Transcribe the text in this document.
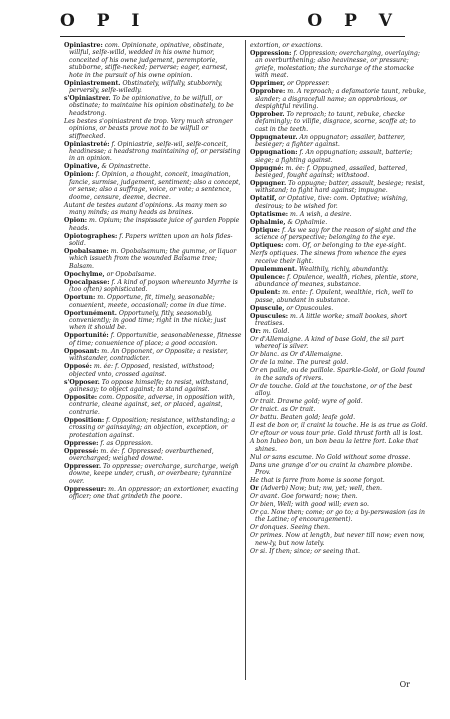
O P I	O P V
Opiniastre: com. Opinionate, opinative, obstinate, willful, selfe-willd, wedded in his owne humor, conceited of his owne judgement, peremptorie, stubborne, stiffe-necked; perverse; eager, earnest, hote in the pursuit of his owne opinion.
Opiniastrement. Obstinately, wilfully, stubbornly, perversly, selfe-wiledly.
s'Opiniastrer. To be opinionative, to be wilfull, or obstinate; to maintaine his opinion obstinately, to be headstrong.
Les bestes s'opiniastrent de trop. Very much stronger opinions, or beasts prove not to be wilfull or stiffnecked.
Opiniastreté: f. Opiniastrie, selfe-wil, selfe-conceit, headinesse; a headstrong maintaining of, or persisting in an opinion.
Opinative, & Opinastrette.
Opinion: f. Opinion, a thought, conceit, imagination, fancie, surmise, judgement, sentiment; also a concept, or sense; also a suffrage, voice, or vote; a sentence, doome, censure, deeme, decree.
Autant de testes autant d'opinions. As many men so many minds; as many heads as braines.
Opion: m. Opium; the inspissate juice of garden Poppie heads.
Opiotographes: f. Papers written upon an hols fides-solid.
Opobalsame: m. Opobalsamum; the gumme, or liquor which issueth from the wounded Balsame tree; Balsam.
Opochylme, or Opobalsame.
Opocalpasse: f. A kind of poyson whereunto Myrrhe is (too often) sophisticated.
Oportun: m. Opportune, fit, timely, seasonable; conuenient, meete, occasionall; come in due time.
Oportunément. Opportunely, fitly, seasonably, conveniently; in good time; right in the nicke; just when it should be.
Opportunité: f. Opportunitie, seasonablenesse, fitnesse of time; conuenience of place; a good occasion.
Opposant: m. An Opponent, or Opposite; a resister, withstander, contradicter.
Opposé: m. ée: f. Opposed, resisted, withstood; objected vnto, crossed against.
s'Opposer. To oppose himselfe; to resist, withstand, gainesay; to object against; to stand against.
Opposite: com. Opposite, adverse, in opposition with, contrarie, cleane against, set, or placed, against, contrarie.
Opposition: f. Opposition; resistance, withstanding; a crossing or gainsaying; an objection, exception, or protestation against.
Oppresse: f. as Oppression.
Oppressé: m. ée: f. Oppressed; overburthened, overcharged; weighed downe.
Oppresser. To oppresse; overcharge, surcharge, weigh downe, keepe under, crush, or overbeare; tyrannize over.
Oppresseur: m. An oppressor; an extortioner, exacting officer; one that grindeth the poore.
extortion, or exactions.
Oppression: f. Oppression; overcharging, overlaying; an overburthening; also heavinesse, or pressure; griefe, molestation; the surcharge of the stomacke with meat.
Opprimer, or Oppresser.
Opprobre: m. A reproach; a defamatorie taunt, rebuke, slander; a disgracefull name; an opprobrious, or despightful reviling.
Opprober. To reproach; to taunt, rebuke, checke defamingly; to vilifie, disgrace, scorne, scoffe at; to cast in the teeth.
Oppugnateur. An oppugnator; assailer, batterer, besieger; a fighter against.
Oppugnation: f. An oppugnation; assault, batterie; siege; a fighting against.
Oppugné: m. ée: f. Oppugned, assailed, battered, besieged, fought against; withstood.
Oppugner. To oppugne; batter, assault, besiege; resist, withstand; to fight hard against; impugne.
Optatif, or Optative, tive: com. Optative; wishing, desirous; to be wished for.
Optatisme: m. A wish, a desire.
Ophalmie, & Ophalmie.
Optique: f. As we say for the reason of sight and the science of perspective; belonging to the eye.
Optiques: com. Of, or belonging to the eye-sight.
Nerfs optiques. The sinews from whence the eyes receive their light.
Opulemment. Wealthily, richly, abundantly.
Opulence: f. Opulence, wealth, riches, plentie, store, abundance of meanes, substance.
Opulent: m. ente: f. Opulent, wealthie, rich, well to passe, abundant in substance.
Opuscule, or Opuscoules.
Opuscules: m. A little worke; small bookes, short treatises.
Or: m. Gold.
Or d'Allemaigne. A kind of base Gold, the sil part whereof is silver.
Or blanc. as Or d'Allemaigne.
Or de la mine. The purest gold.
Or en paille, ou de paillole. Sparkle-Gold, or Gold found in the sands of rivers.
Or de touche. Gold at the touchstone, or of the best alloy.
Or trait. Drawne gold; wyre of gold.
Or traict. as Or trait.
Or battu. Beaten gold; leafe gold.
Il est de bon or, il craint la touche. He is as true as Gold.
Or eftour or vous tour prie. Gold thrust forth all is lost.
A bon Iubeo bon, un bon beau la lettre fort. Loke that shines.
Nul or sans escume. No Gold without some drosse.
Dans une grange d'or ou craint la chambre plombe. Prov.
He that is farre from home is soone forgot.
Or (Adverb) Now; but; nw, yet; well, then.
Or avant. Goe forward; now; then.
Or bien, Well; with good will; even so.
Or ça. Now then; come; or go to; a by-perswasion (as in the Latine; of encouragement).
Or donques. Seeing then.
Or primes. Now at length, but never till now; even now, new-ly, but now lately.
Or si. If then; since; or seeing that.
Or
